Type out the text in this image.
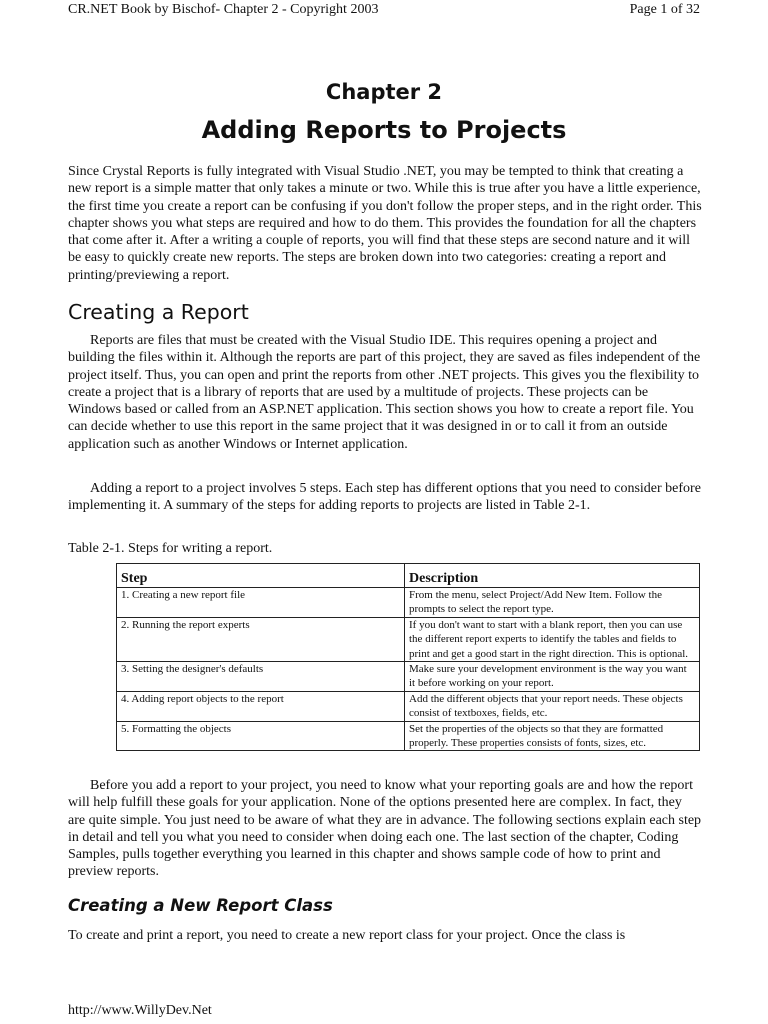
CR.NET Book by Bischof- Chapter 2 - Copyright 2003	Page 1 of 32
Chapter 2
Adding Reports to Projects
Since Crystal Reports is fully integrated with Visual Studio .NET, you may be tempted to think that creating a new report is a simple matter that only takes a minute or two. While this is true after you have a little experience, the first time you create a report can be confusing if you don't follow the proper steps, and in the right order. This chapter shows you what steps are required and how to do them. This provides the foundation for all the chapters that come after it. After a writing a couple of reports, you will find that these steps are second nature and it will be easy to quickly create new reports. The steps are broken down into two categories: creating a report and printing/previewing a report.
Creating a Report
Reports are files that must be created with the Visual Studio IDE. This requires opening a project and building the files within it. Although the reports are part of this project, they are saved as files independent of the project itself. Thus, you can open and print the reports from other .NET projects. This gives you the flexibility to create a project that is a library of reports that are used by a multitude of projects. These projects can be Windows based or called from an ASP.NET application. This section shows you how to create a report file. You can decide whether to use this report in the same project that it was designed in or to call it from an outside application such as another Windows or Internet application.
Adding a report to a project involves 5 steps. Each step has different options that you need to consider before implementing it. A summary of the steps for adding reports to projects are listed in Table 2-1.
Table 2-1. Steps for writing a report.
Step	Description
1. Creating a new report file	From the menu, select Project/Add New Item. Follow the prompts to select the report type.
2. Running the report experts	If you don't want to start with a blank report, then you can use the different report experts to identify the tables and fields to print and get a good start in the right direction. This is optional.
3. Setting the designer's defaults	Make sure your development environment is the way you want it before working on your report.
4. Adding report objects to the report	Add the different objects that your report needs. These objects consist of textboxes, fields, etc.
5. Formatting the objects	Set the properties of the objects so that they are formatted properly. These properties consists of fonts, sizes, etc.
Before you add a report to your project, you need to know what your reporting goals are and how the report will help fulfill these goals for your application. None of the options presented here are complex. In fact, they are quite simple. You just need to be aware of what they are in advance. The following sections explain each step in detail and tell you what you need to consider when doing each one. The last section of the chapter, Coding Samples, pulls together everything you learned in this chapter and shows sample code of how to print and preview reports.
Creating a New Report Class
To create and print a report, you need to create a new report class for your project. Once the class is
http://www.WillyDev.Net
